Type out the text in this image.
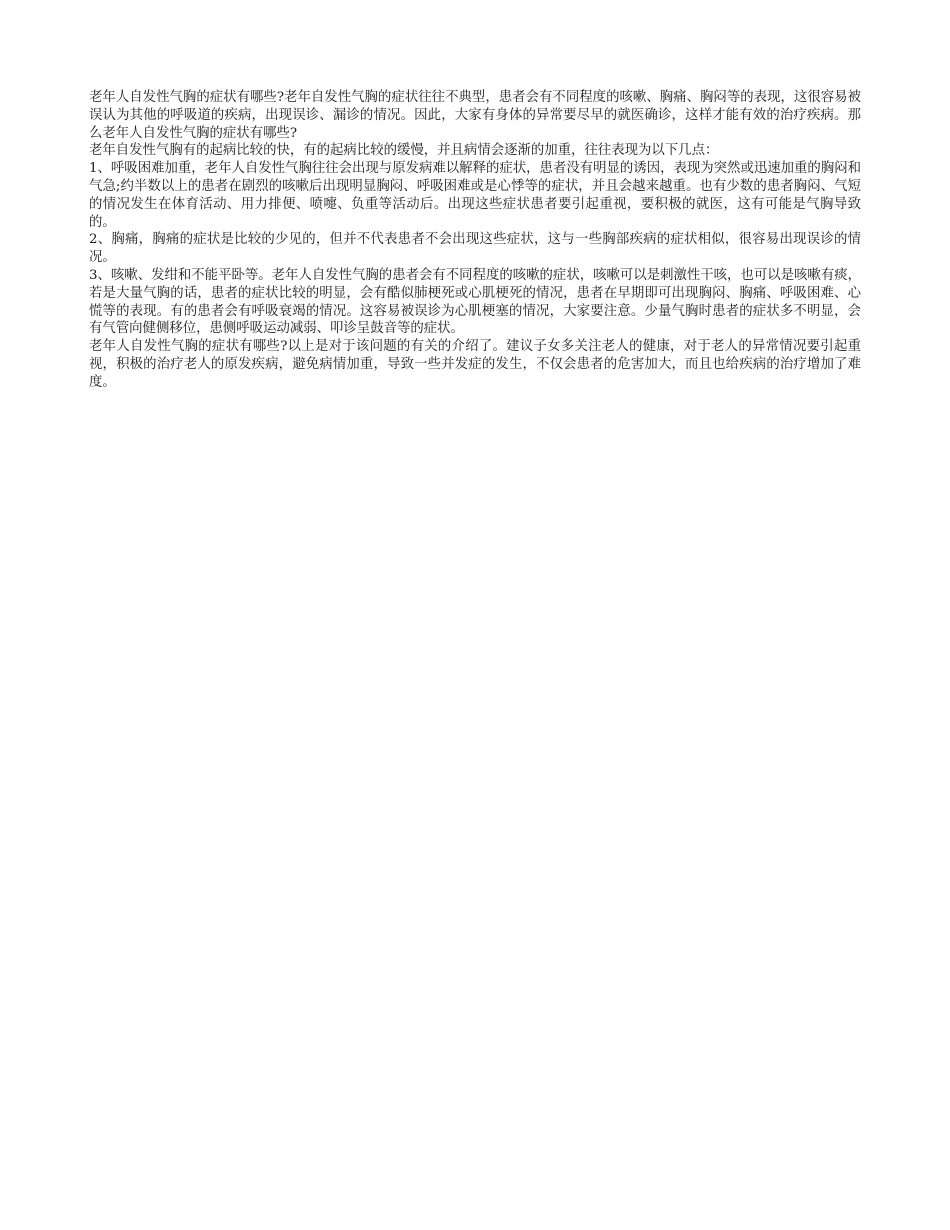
老年人自发性气胸的症状有哪些?老年自发性气胸的症状往往不典型，患者会有不同程度的咳嗽、胸痛、胸闷等的表现，这很容易被误认为其他的呼吸道的疾病，出现误诊、漏诊的情况。因此，大家有身体的异常要尽早的就医确诊，这样才能有效的治疗疾病。那么老年人自发性气胸的症状有哪些?

老年自发性气胸有的起病比较的快，有的起病比较的缓慢，并且病情会逐渐的加重，往往表现为以下几点：

1、呼吸困难加重，老年人自发性气胸往往会出现与原发病难以解释的症状，患者没有明显的诱因，表现为突然或迅速加重的胸闷和气急;约半数以上的患者在剧烈的咳嗽后出现明显胸闷、呼吸困难或是心悸等的症状，并且会越来越重。也有少数的患者胸闷、气短的情况发生在体育活动、用力排便、喷嚏、负重等活动后。出现这些症状患者要引起重视，要积极的就医，这有可能是气胸导致的。

2、胸痛，胸痛的症状是比较的少见的，但并不代表患者不会出现这些症状，这与一些胸部疾病的症状相似，很容易出现误诊的情况。

3、咳嗽、发绀和不能平卧等。老年人自发性气胸的患者会有不同程度的咳嗽的症状，咳嗽可以是刺激性干咳，也可以是咳嗽有痰，若是大量气胸的话，患者的症状比较的明显，会有酷似肺梗死或心肌梗死的情况，患者在早期即可出现胸闷、胸痛、呼吸困难、心慌等的表现。有的患者会有呼吸衰竭的情况。这容易被误诊为心肌梗塞的情况，大家要注意。少量气胸时患者的症状多不明显，会有气管向健侧移位，患侧呼吸运动减弱、叩诊呈鼓音等的症状。

老年人自发性气胸的症状有哪些?以上是对于该问题的有关的介绍了。建议子女多关注老人的健康，对于老人的异常情况要引起重视，积极的治疗老人的原发疾病，避免病情加重，导致一些并发症的发生，不仅会患者的危害加大，而且也给疾病的治疗增加了难度。
